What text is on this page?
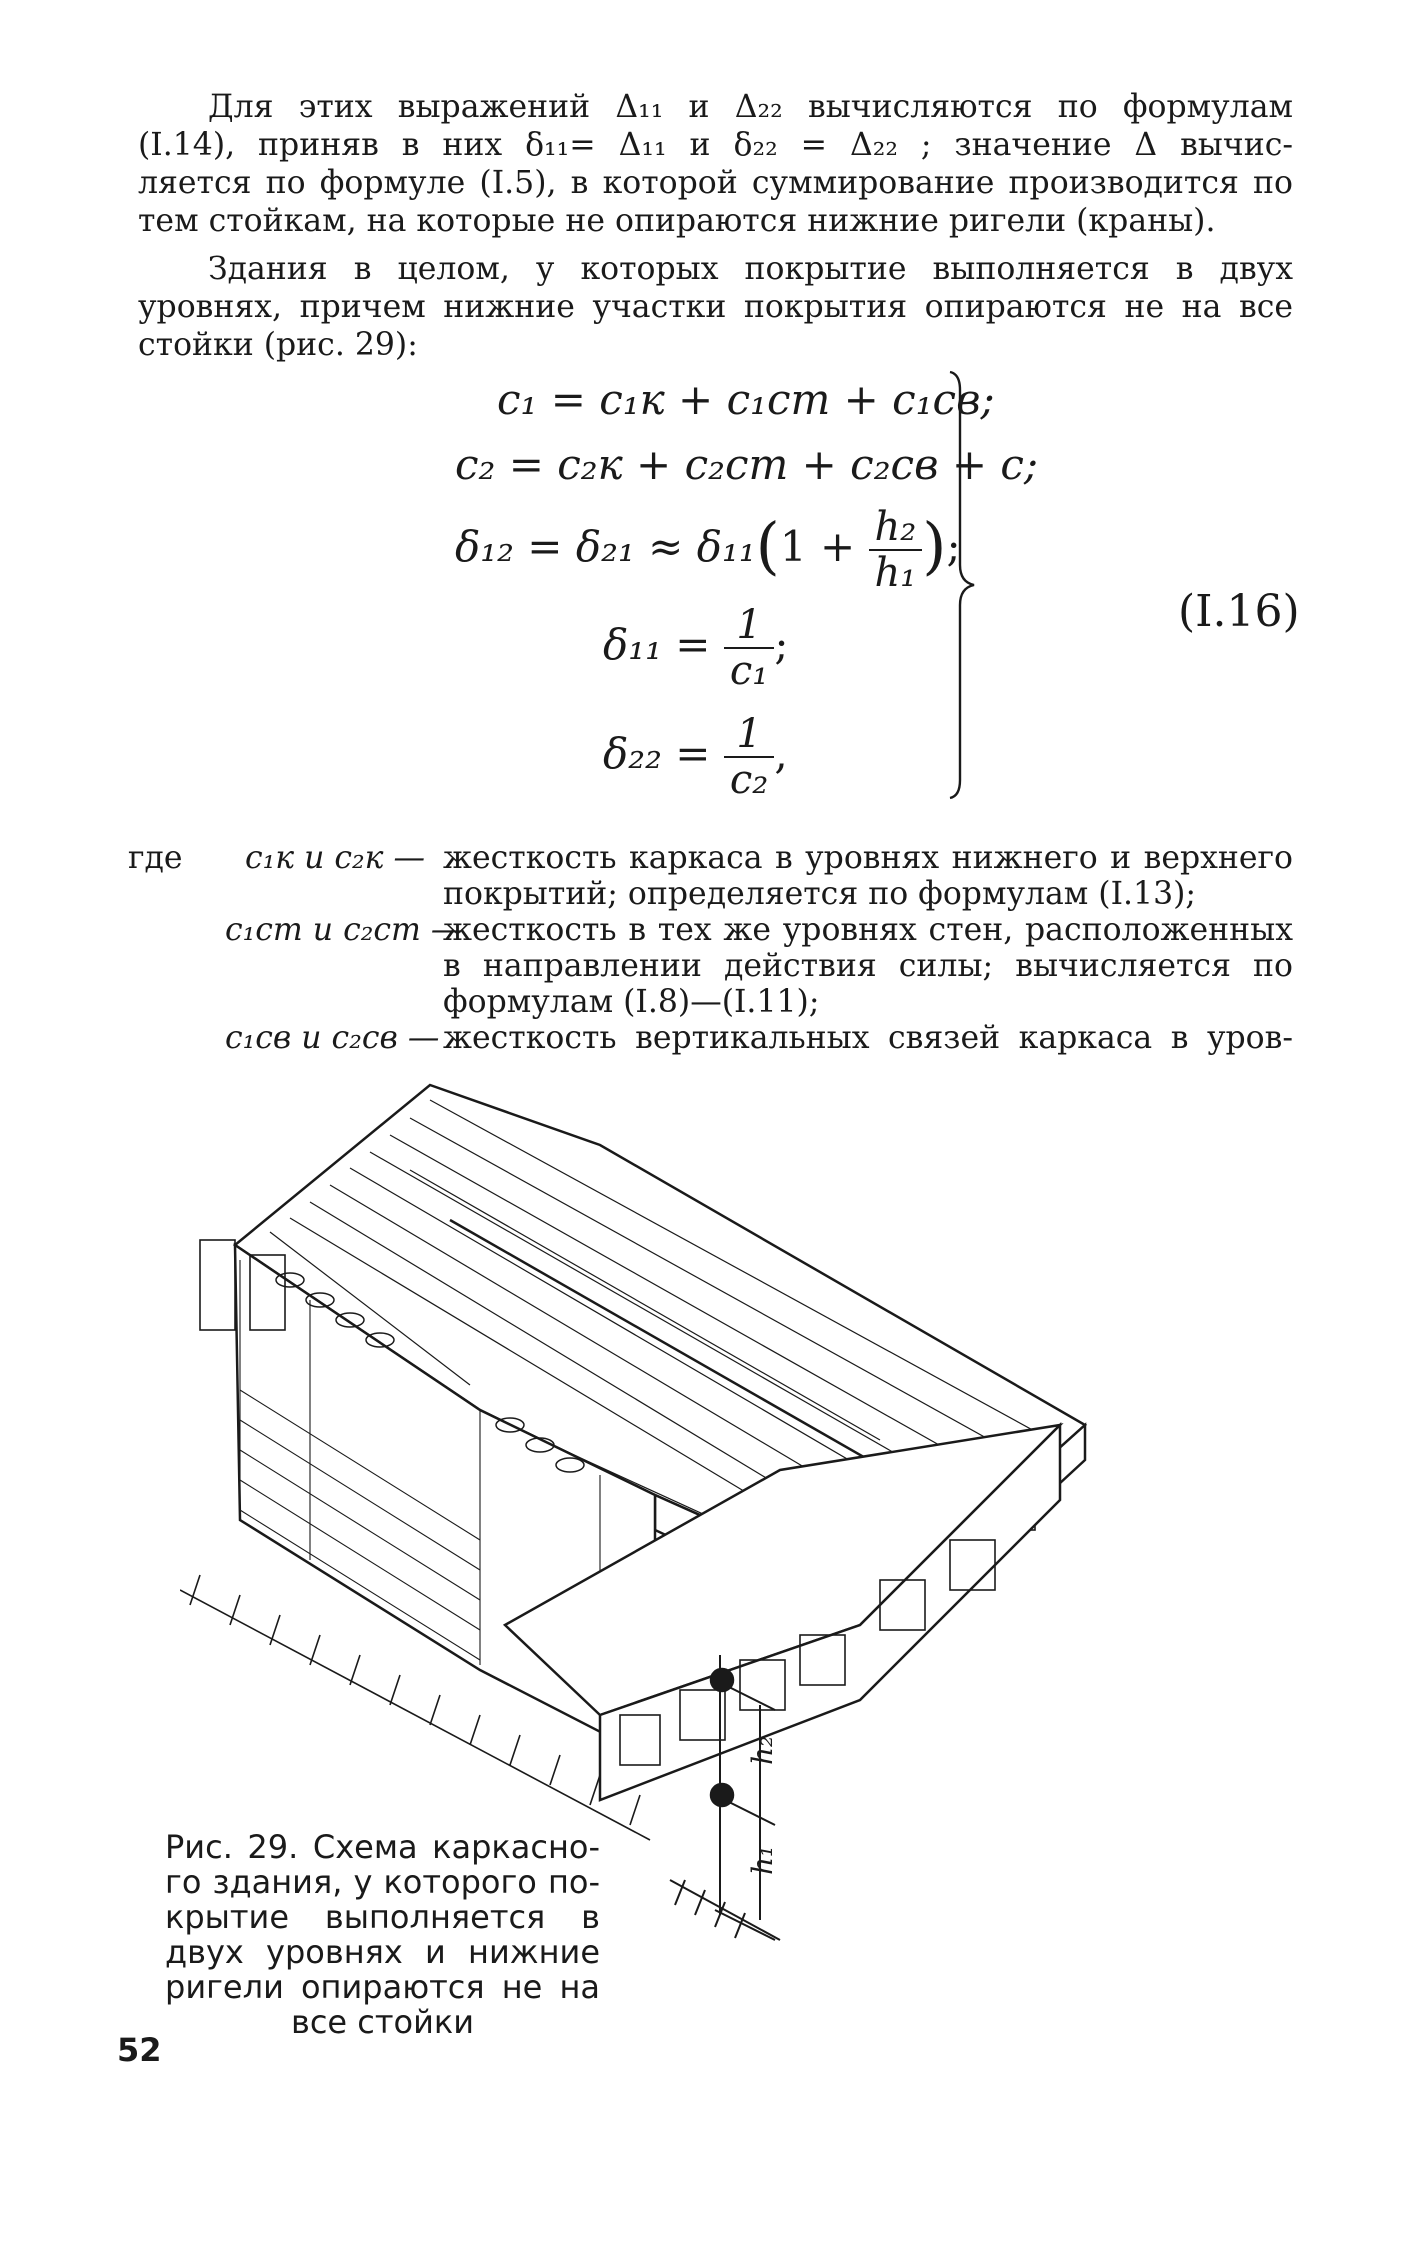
Для этих выражений Δ₁₁ и Δ₂₂ вычисляются по формулам
(I.14), приняв в них δ₁₁= Δ₁₁ и δ₂₂ = Δ₂₂ ; значение Δ вычис-
ляется по формуле (I.5), в которой суммирование производится по
тем стойкам, на которые не опираются нижние ригели (краны).
Здания в целом, у которых покрытие выполняется в двух
уровнях, причем нижние участки покрытия опираются не на все
стойки (рис. 29):
c₁ = c₁к + c₁ст + c₁св;
c₂ = c₂к + c₂ст + c₂св + c;
$\delta_{12} = \delta_{21} \approx \delta_{11}(1 + \frac{\text{h₂}}{\text{h₁}}$ );
$\delta_{11} = \frac{1}{\text{c₁}}$ ;
$\delta_{22} = \frac{1}{\text{c₂}}$ ,
(I.16)
где c₁к и c₂к — жесткость каркаса в уровнях нижнего и верхнего
покрытий; определяется по формулам (I.13);
c₁ст и c₂ст —
жесткость в тех же уровнях стен, расположенных
в направлении действия силы; вычисляется по
формулам (I.8)—(I.11);
c₁св и c₂св — жесткость вертикальных связей каркаса в уров-
h₂
h₁
Рис. 29. Схема каркасно-
го здания, у которого по-
крытие выполняется в
двух уровнях и нижние
ригели опираются не на
все стойки
52
